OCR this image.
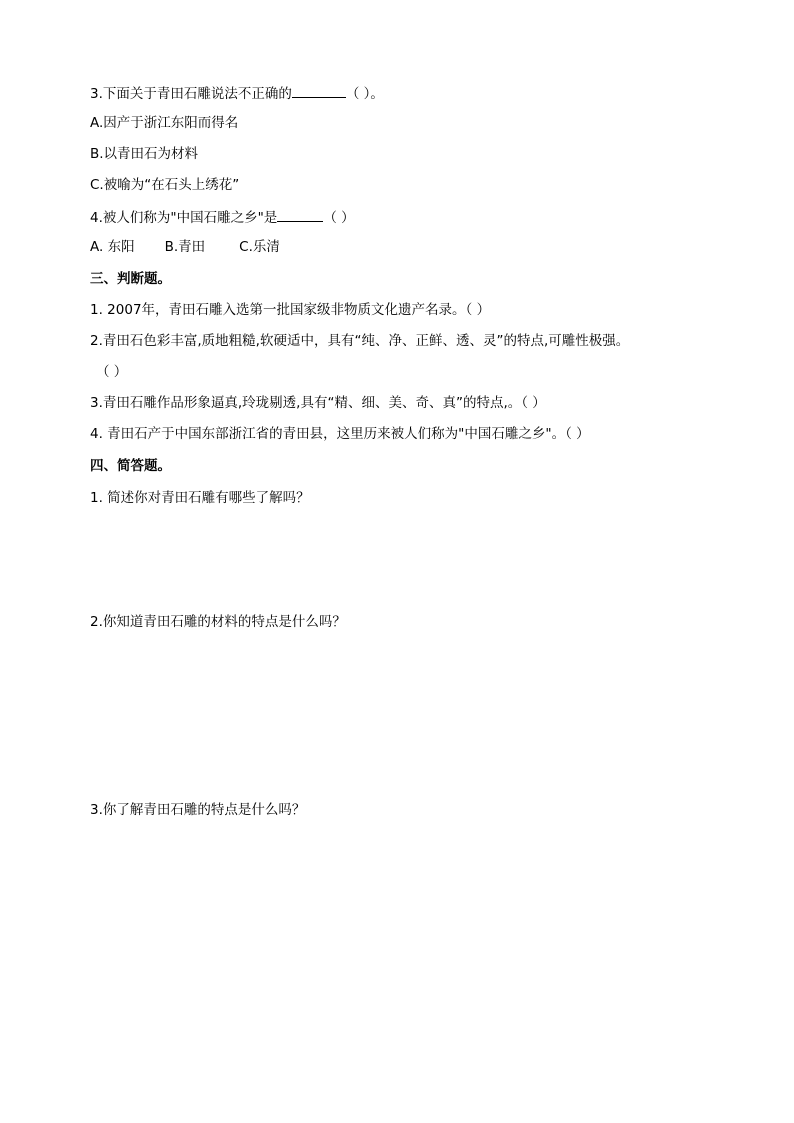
3.下面关于青田石雕说法不正确的	（ ）。
A.因产于浙江东阳而得名
B.以青田石为材料
C.被喻为“在石头上绣花”
4.被人们称为"中国石雕之乡"是	（ ）
A. 东阳 B.青田	C.乐清
三、判断题。
1. 2007年，青田石雕入选第一批国家级非物质文化遗产名录。（ ）
2.青田石色彩丰富,质地粗糙,软硬适中，具有“纯、净、正鲜、透、灵”的特点,可雕性极强。
（ ）
3.青田石雕作品形象逼真,玲珑剔透,具有“精、细、美、奇、真”的特点,。（ ）
4. 青田石产于中国东部浙江省的青田县，这里历来被人们称为"中国石雕之乡"。（ ）
四、简答题。
1. 简述你对青田石雕有哪些了解吗？
2.你知道青田石雕的材料的特点是什么吗？
3.你了解青田石雕的特点是什么吗？
